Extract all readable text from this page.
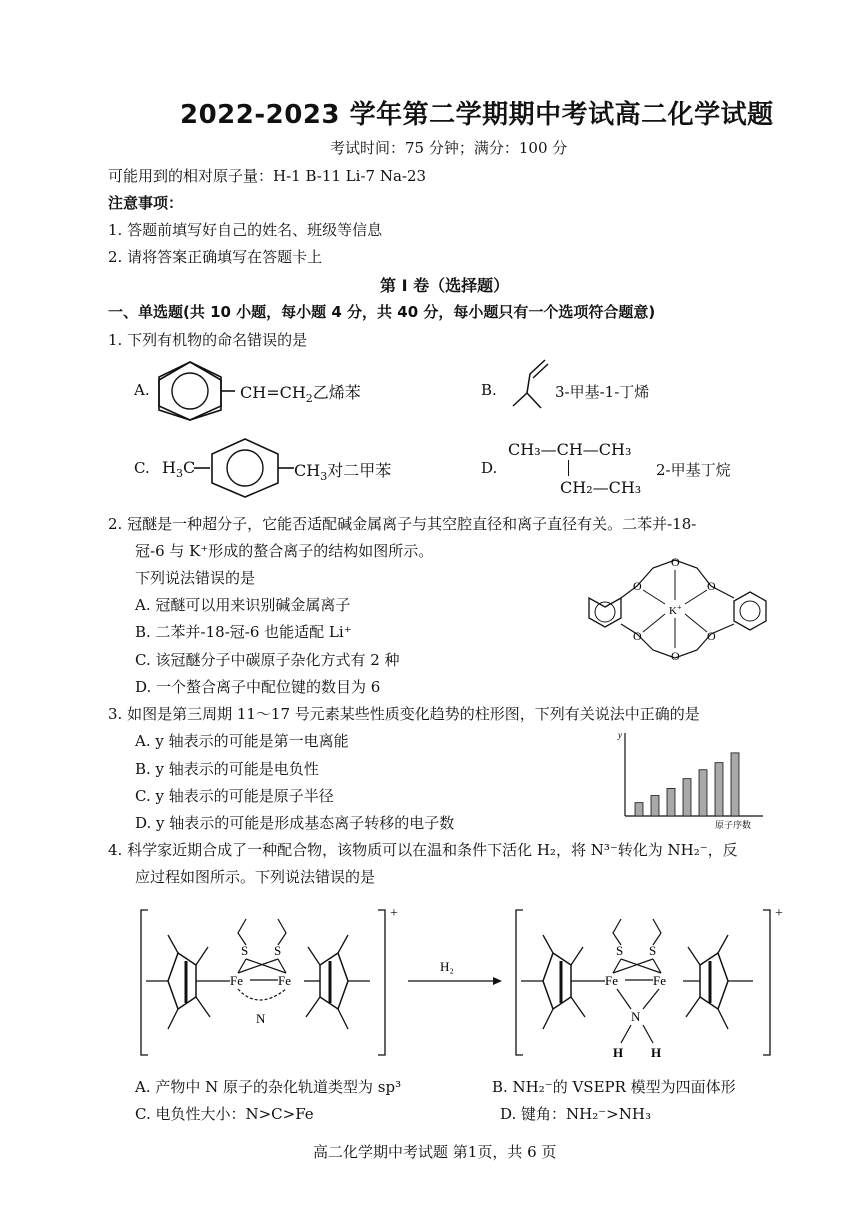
2022-2023 学年第二学期期中考试高二化学试题
考试时间：75 分钟；满分：100 分
可能用到的相对原子量：H-1 B-11 Li-7 Na-23
注意事项：
1. 答题前填写好自己的姓名、班级等信息
2. 请将答案正确填写在答题卡上
第 I 卷（选择题）
一、单选题(共 10 小题，每小题 4 分，共 40 分，每小题只有一个选项符合题意)
1. 下列有机物的命名错误的是
A.	$CH=CH_2$乙烯苯	B.	3-甲基-1-丁烯
C. $H_3C$	$CH_3$对二甲苯	D.
CH₃—CH—CH₃
CH₂—CH₃
2-甲基丁烷
2. 冠醚是一种超分子，它能否适配碱金属离子与其空腔直径和离子直径有关。二苯并-18-
冠-6 与 K⁺形成的螯合离子的结构如图所示。
下列说法错误的是
A. 冠醚可以用来识别碱金属离子
B. 二苯并-18-冠-6 也能适配 Li⁺
C. 该冠醚分子中碳原子杂化方式有 2 种
D. 一个螯合离子中配位键的数目为 6
O
O
O
O
O
O
K+
3. 如图是第三周期 11～17 号元素某些性质变化趋势的柱形图，下列有关说法中正确的是
A. y 轴表示的可能是第一电离能
B. y 轴表示的可能是电负性
C. y 轴表示的可能是原子半径
D. y 轴表示的可能是形成基态离子转移的电子数
y
原子序数
4. 科学家近期合成了一种配合物，该物质可以在温和条件下活化 H₂，将 N³⁻转化为 NH₂⁻，反
应过程如图所示。下列说法错误的是
+
Fe	Fe
S S
N
H₂
+
Fe	Fe
S S
N
H H
A. 产物中 N 原子的杂化轨道类型为 sp³	B. NH₂⁻的 VSEPR 模型为四面体形
C. 电负性大小：N>C>Fe	D. 键角：NH₂⁻>NH₃
高二化学期中考试题 第1页，共 6 页
